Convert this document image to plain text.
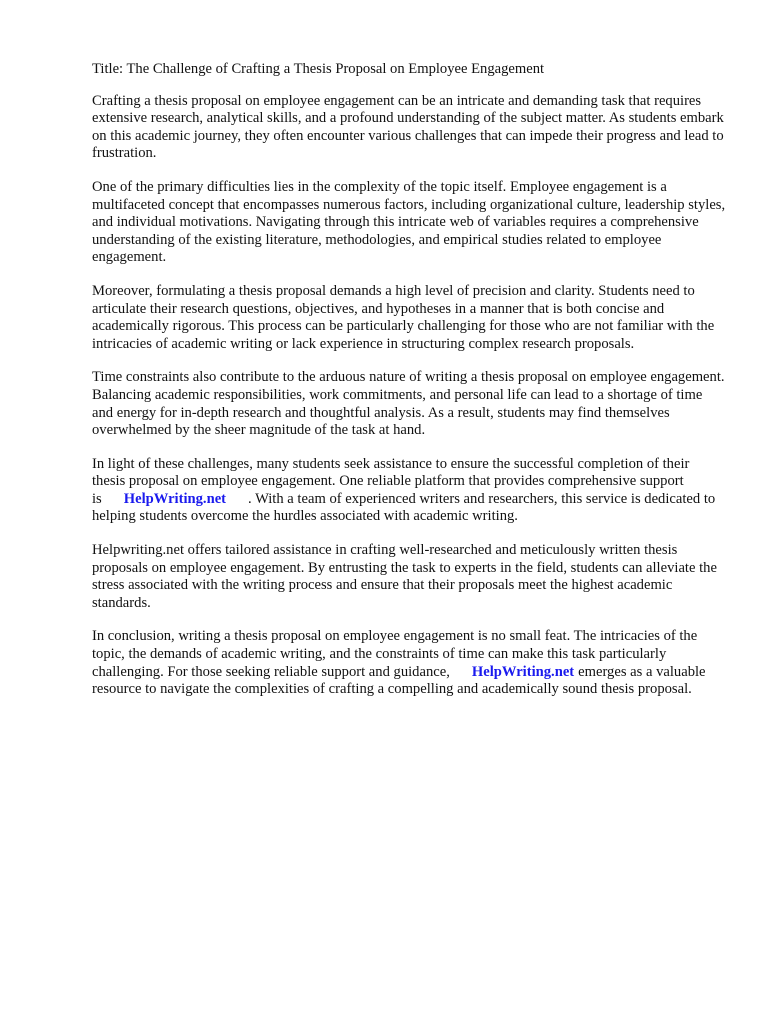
Title: The Challenge of Crafting a Thesis Proposal on Employee Engagement

Crafting a thesis proposal on employee engagement can be an intricate and demanding task that requires extensive research, analytical skills, and a profound understanding of the subject matter. As students embark on this academic journey, they often encounter various challenges that can impede their progress and lead to frustration.

One of the primary difficulties lies in the complexity of the topic itself. Employee engagement is a multifaceted concept that encompasses numerous factors, including organizational culture, leadership styles, and individual motivations. Navigating through this intricate web of variables requires a comprehensive understanding of the existing literature, methodologies, and empirical studies related to employee engagement.

Moreover, formulating a thesis proposal demands a high level of precision and clarity. Students need to articulate their research questions, objectives, and hypotheses in a manner that is both concise and academically rigorous. This process can be particularly challenging for those who are not familiar with the intricacies of academic writing or lack experience in structuring complex research proposals.

Time constraints also contribute to the arduous nature of writing a thesis proposal on employee engagement. Balancing academic responsibilities, work commitments, and personal life can lead to a shortage of time and energy for in-depth research and thoughtful analysis. As a result, students may find themselves overwhelmed by the sheer magnitude of the task at hand.

In light of these challenges, many students seek assistance to ensure the successful completion of their thesis proposal on employee engagement. One reliable platform that provides comprehensive support is HelpWriting.net . With a team of experienced writers and researchers, this service is dedicated to helping students overcome the hurdles associated with academic writing.

Helpwriting.net offers tailored assistance in crafting well-researched and meticulously written thesis proposals on employee engagement. By entrusting the task to experts in the field, students can alleviate the stress associated with the writing process and ensure that their proposals meet the highest academic standards.

In conclusion, writing a thesis proposal on employee engagement is no small feat. The intricacies of the topic, the demands of academic writing, and the constraints of time can make this task particularly challenging. For those seeking reliable support and guidance, HelpWriting.net emerges as a valuable resource to navigate the complexities of crafting a compelling and academically sound thesis proposal.
